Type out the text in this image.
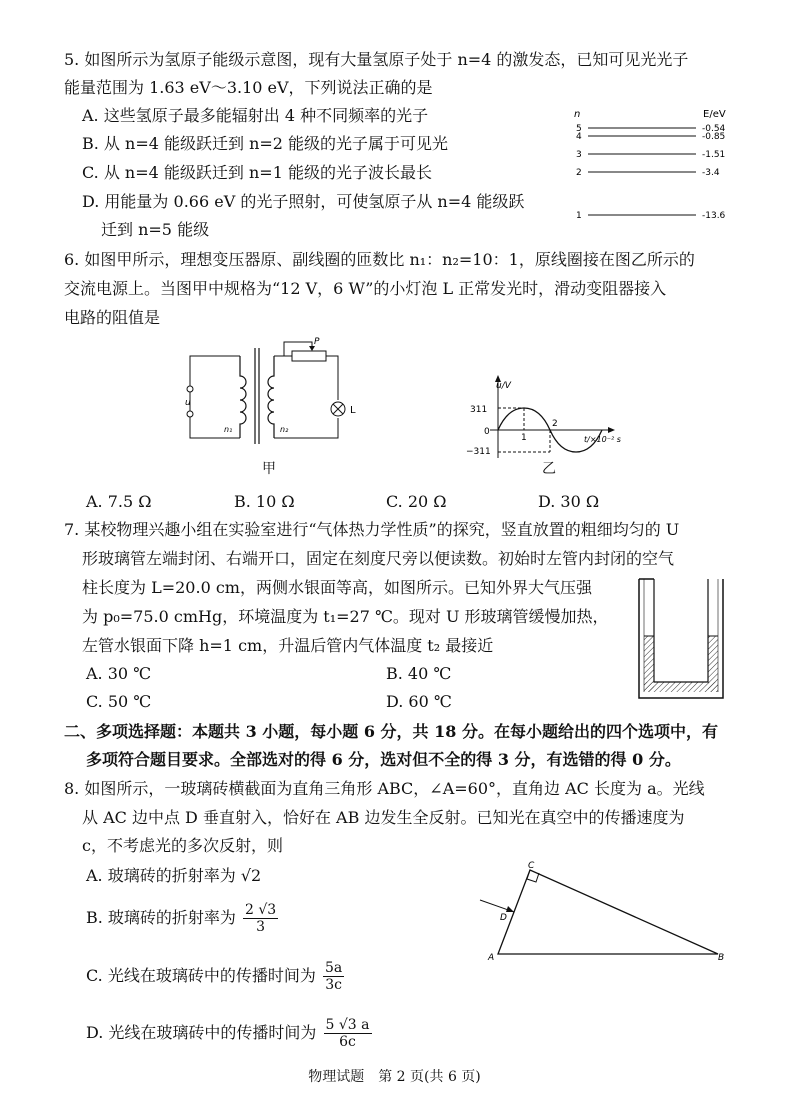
5. 如图所示为氢原子能级示意图，现有大量氢原子处于 n=4 的激发态，已知可见光光子
能量范围为 1.63 eV～3.10 eV，下列说法正确的是
A. 这些氢原子最多能辐射出 4 种不同频率的光子
B. 从 n=4 能级跃迁到 n=2 能级的光子属于可见光
C. 从 n=4 能级跃迁到 n=1 能级的光子波长最长
D. 用能量为 0.66 eV 的光子照射，可使氢原子从 n=4 能级跃
迁到 n=5 能级
n	E/eV
5
4
3
2
1
-0.54
-0.85
-1.51
-3.4
-13.6
6. 如图甲所示，理想变压器原、副线圈的匝数比 n₁：n₂=10：1，原线圈接在图乙所示的
交流电源上。当图甲中规格为“12 V，6 W”的小灯泡 L 正常发光时，滑动变阻器接入
电路的阻值是
u
n₁	n₂
P
L
甲
u/V
t/×10⁻² s
311
0
−311
1
2
乙
A. 7.5 Ω	B. 10 Ω	C. 20 Ω	D. 30 Ω
7. 某校物理兴趣小组在实验室进行“气体热力学性质”的探究，竖直放置的粗细均匀的 U
形玻璃管左端封闭、右端开口，固定在刻度尺旁以便读数。初始时左管内封闭的空气
柱长度为 L=20.0 cm，两侧水银面等高，如图所示。已知外界大气压强
为 p₀=75.0 cmHg，环境温度为 t₁=27 ℃。现对 U 形玻璃管缓慢加热，
左管水银面下降 h=1 cm，升温后管内气体温度 t₂ 最接近
A. 30 ℃	B. 40 ℃
C. 50 ℃	D. 60 ℃
二、多项选择题：本题共 3 小题，每小题 6 分，共 18 分。在每小题给出的四个选项中，有
多项符合题目要求。全部选对的得 6 分，选对但不全的得 3 分，有选错的得 0 分。
8. 如图所示，一玻璃砖横截面为直角三角形 ABC，∠A=60°，直角边 AC 长度为 a。光线
从 AC 边中点 D 垂直射入，恰好在 AB 边发生全反射。已知光在真空中的传播速度为
c，不考虑光的多次反射，则
A. 玻璃砖的折射率为 √2
B. 玻璃砖的折射率为 $\frac{2 √3}{3}$
C. 光线在玻璃砖中的传播时间为 $\frac{5a}{3c}$
D. 光线在玻璃砖中的传播时间为 $\frac{5 √3 a}{6c}$
A	B
C
D
物理试题　第 2 页(共 6 页)
